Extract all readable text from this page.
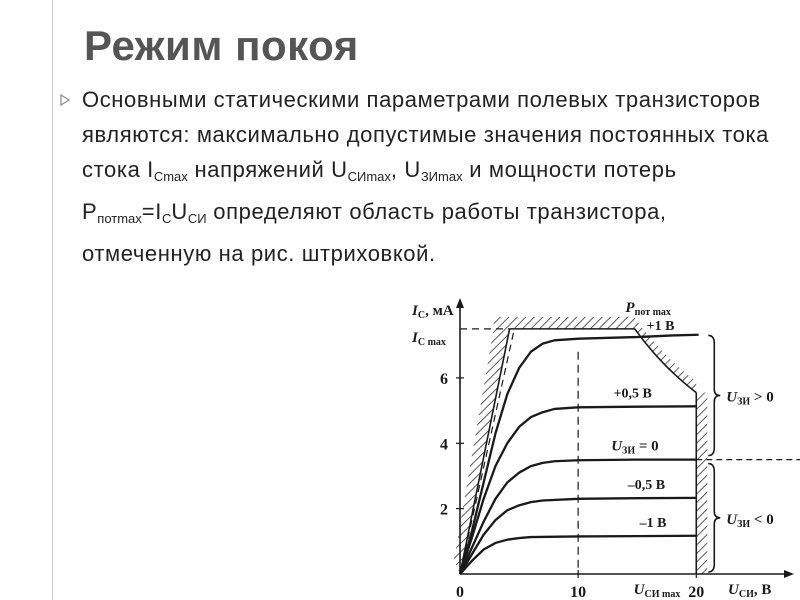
Режим покоя
Основными статическими параметрами полевых транзисторов являются: максимально допустимые значения постоянных тока стока $I_{Cmax}$ напряжений $U_{СИmax}$, $U_{ЗИmax}$ и мощности потерь $P_{потmax}=I_CU_{СИ}$ определяют область работы транзистора, отмеченную на рис. штриховкой.
0	10	20
2
4
6
+1 В
+0,5 В
$U_{ЗИ} = 0$
–0,5 В
–1 В
$I_C$, мА
$I_{C max}$
$P_{пот max}$
$U_{СИ max}$	$U_{СИ}$, В
$U_{ЗИ} > 0$
$U_{ЗИ} < 0$
